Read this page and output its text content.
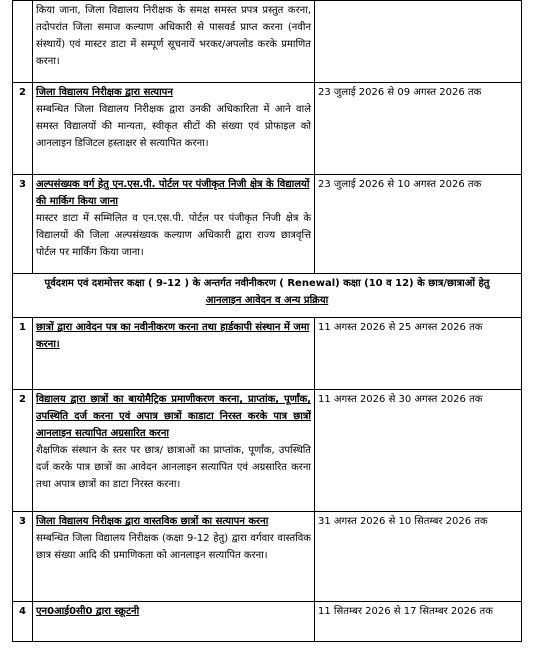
	किया जाना, जिला विद्यालय निरीक्षक के समक्ष समस्त प्रपत्र प्रस्तुत करना, तदोपरांत जिला समाज कल्याण अधिकारी से पासवर्ड प्राप्त करना (नवीन संस्थायें) एवं मास्टर डाटा में सम्पूर्ण सूचनायें भरकर/अपलोड करके प्रमाणित करना।	

2	जिला विद्यालय निरीक्षक द्वारा सत्यापन
सम्बन्धित जिला विद्यालय निरीक्षक द्वारा उनकी अधिकारिता में आने वाले समस्त विद्यालयों की मान्यता, स्वीकृत सीटों की संख्या एवं प्रोफाइल को आनलाइन डिजिटल हस्ताक्षर से सत्यापित करना।	23 जुलाई 2026 से 09 अगस्त 2026 तक
3	अल्पसंख्यक वर्ग हेतु एन.एस.पी. पोर्टल पर पंजीकृत निजी क्षेत्र के विद्यालयों की मार्किग किया जाना
मास्टर डाटा में सम्मिलित व एन.एस.पी. पोर्टल पर पंजीकृत निजी क्षेत्र के विद्यालयों की जिला अल्पसंख्यक कल्याण अधिकारी द्वारा राज्य छात्रवृत्ति पोर्टल पर मार्किंग किया जाना।	23 जुलाई 2026 से 10 अगस्त 2026 तक
पूर्वदशम एवं दशमोत्तर कक्षा ( 9-12 ) के अन्तर्गत नवीनीकरण ( Renewal) कक्षा (10 व 12) के छात्र/छात्राओं हेतु
आनलाइन आवेदन व अन्य प्रक्रिया		

1	छात्रों द्वारा आवेदन पत्र का नवीनीकरण करना तथा हार्डकापी संस्थान में जमा करना।	11 अगस्त 2026 से 25 अगस्त 2026 तक
2	विद्यालय द्वारा छात्रों का बायोमैट्रिक प्रमाणीकरण करना, प्राप्तांक, पूर्णांक, उपस्थिति दर्ज करना एवं अपात्र छात्रों काडाटा निरस्त करके पात्र छात्रों आनलाइन सत्यापित अग्रसारित करना
शैक्षणिक संस्थान के स्तर पर छात्र/ छात्राओं का प्राप्तांक, पूर्णांक, उपस्थिति दर्ज करके पात्र छात्रों का आवेदन आनलाइन सत्यापित एवं अग्रसारित करना तथा अपात्र छात्रों का डाटा निरस्त करना।	11 अगस्त 2026 से 30 अगस्त 2026 तक
3	जिला विद्यालय निरीक्षक द्वारा वास्तविक छात्रों का सत्यापन करना
सम्बन्धित जिला विद्यालय निरीक्षक (कक्षा 9-12 हेतु) द्वारा वर्गवार वास्तविक छात्र संख्या आदि की प्रमाणिकता को आनलाइन सत्यापित करना।	31 अगस्त 2026 से 10 सितम्बर 2026 तक
4	एन0आई0सी0 द्वारा स्क्रूटनी	11 सितम्बर 2026 से 17 सितम्बर 2026 तक
